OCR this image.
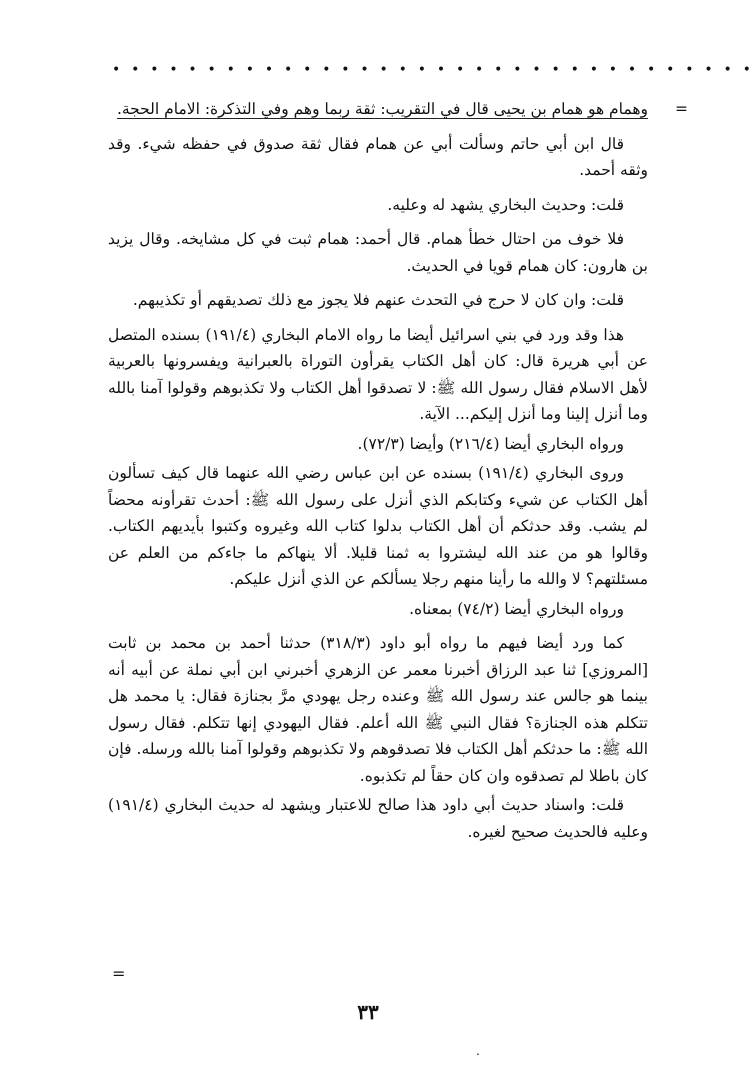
• • • • • • • • • • • • • • • • • • • • • • • • • • • • • • • • • •

=
وهمام هو همام بن يحيى قال في التقريب: ثقة ربما وهم وفي التذكرة: الامام الحجة.

قال ابن أبي حاتم وسألت أبي عن همام فقال ثقة صدوق في حفظه شيء. وقد وثقه أحمد.

قلت: وحديث البخاري يشهد له وعليه.

فلا خوف من احتال خطأ همام. قال أحمد: همام ثبت في كل مشايخه. وقال يزيد بن هارون: كان همام قويا في الحديث.

قلت: وان كان لا حرج في التحدث عنهم فلا يجوز مع ذلك تصديقهم أو تكذيبهم.

هذا وقد ورد في بني اسرائيل أيضا ما رواه الامام البخاري (١٩١/٤) بسنده المتصل عن أبي هريرة قال: كان أهل الكتاب يقرأون التوراة بالعبرانية ويفسرونها بالعربية لأهل الاسلام فقال رسول الله ﷺ: لا تصدقوا أهل الكتاب ولا تكذبوهم وقولوا آمنا بالله وما أنزل إلينا وما أنزل إليكم... الآية.

ورواه البخاري أيضا (٢١٦/٤) وأيضا (٧٢/٣).

وروى البخاري (١٩١/٤) بسنده عن ابن عباس رضي الله عنهما قال كيف تسألون أهل الكتاب عن شيء وكتابكم الذي أنزل على رسول الله ﷺ: أحدث تقرأونه محضاً لم يشب. وقد حدثكم أن أهل الكتاب بدلوا كتاب الله وغيروه وكتبوا بأيديهم الكتاب. وقالوا هو من عند الله ليشتروا به ثمنا قليلا. ألا ينهاكم ما جاءكم من العلم عن مسئلتهم؟ لا والله ما رأينا منهم رجلا يسألكم عن الذي أنزل عليكم.

ورواه البخاري أيضا (٧٤/٢) بمعناه.

كما ورد أيضا فيهم ما رواه أبو داود (٣١٨/٣) حدثنا أحمد بن محمد بن ثابت [المروزي] ثنا عبد الرزاق أخبرنا معمر عن الزهري أخبرني ابن أبي نملة عن أبيه أنه بينما هو جالس عند رسول الله ﷺ وعنده رجل يهودي مرَّ بجنازة فقال: يا محمد هل تتكلم هذه الجنازة؟ فقال النبي ﷺ الله أعلم. فقال اليهودي إنها تتكلم. فقال رسول الله ﷺ: ما حدثكم أهل الكتاب فلا تصدقوهم ولا تكذبوهم وقولوا آمنا بالله ورسله. فإن كان باطلا لم تصدقوه وان كان حقاً لم تكذبوه.

قلت: واسناد حديث أبي داود هذا صالح للاعتبار ويشهد له حديث البخاري (١٩١/٤) وعليه فالحديث صحيح لغيره.

=
٣٣
.
